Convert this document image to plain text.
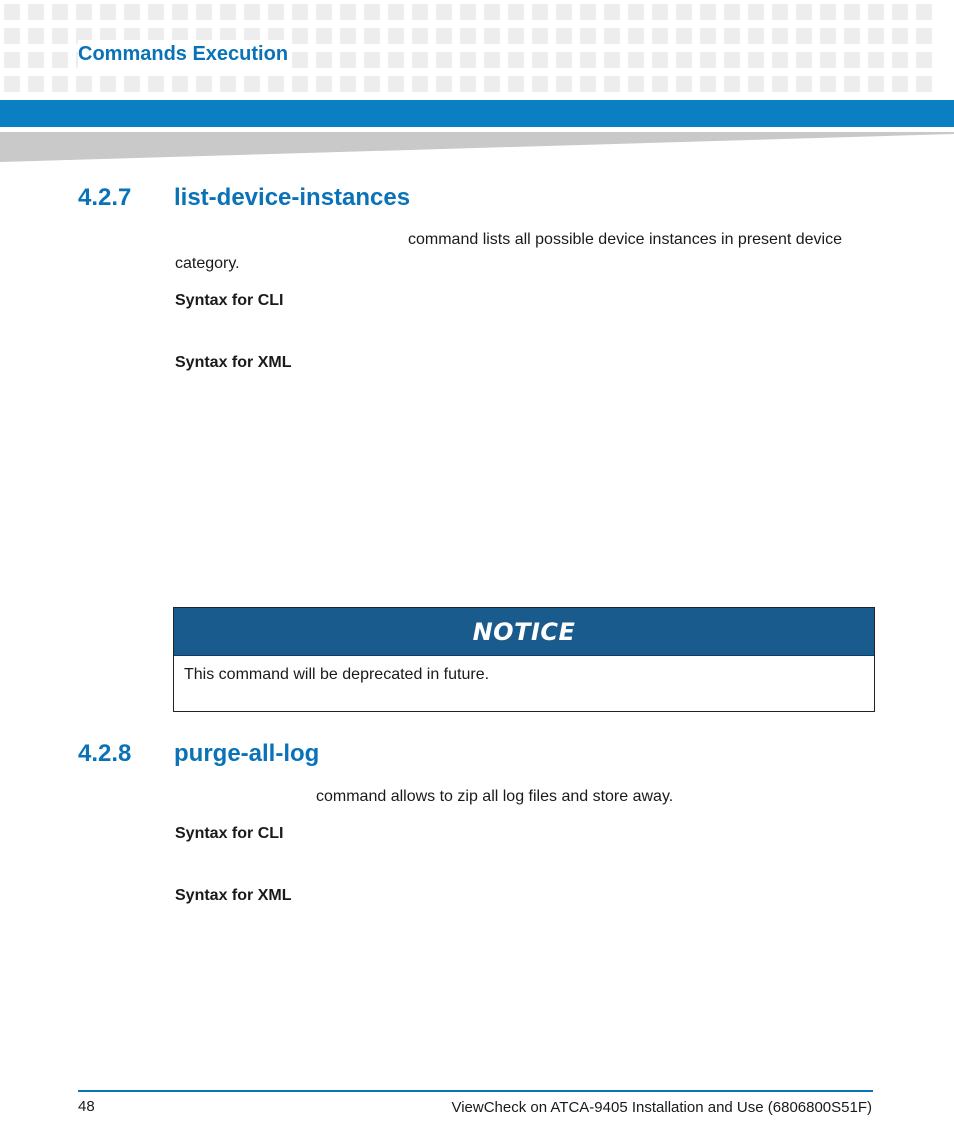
Commands Execution
4.2.7 list-device-instances

command lists all possible device instances in present device

category.

Syntax for CLI
Syntax for XML
NOTICE
This command will be deprecated in future.
4.2.8 purge-all-log

command allows to zip all log files and store away.

Syntax for CLI
Syntax for XML
48	ViewCheck on ATCA-9405 Installation and Use (6806800S51F)
